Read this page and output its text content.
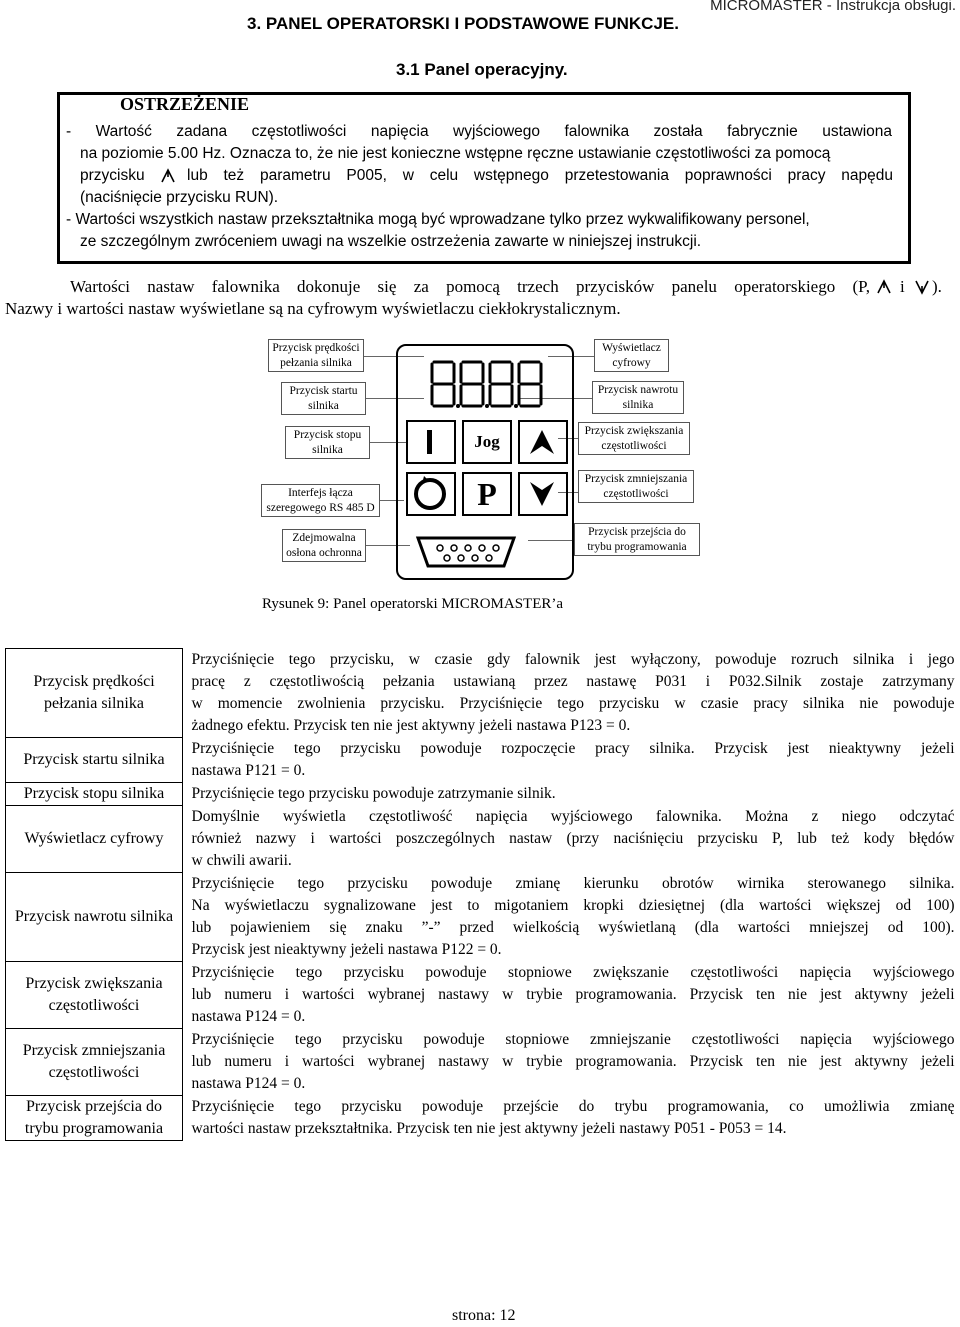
MICROMASTER - Instrukcja obsługi.
3. PANEL OPERATORSKI I PODSTAWOWE FUNKCJE.
3.1 Panel operacyjny.
OSTRZEŻENIE
- Wartość zadana częstotliwości napięcia wyjściowego falownika została fabrycznie ustawiona
na poziomie 5.00 Hz. Oznacza to, że nie jest konieczne wstępne ręczne ustawianie częstotliwości za pomocą
przycisku	lub też parametru P005, w celu wstępnego przetestowania poprawności pracy napędu
(naciśnięcie przycisku RUN).
- Wartości wszystkich nastaw przekształtnika mogą być wprowadzane tylko przez wykwalifikowany personel,
ze szczególnym zwróceniem uwagi na wszelkie ostrzeżenia zawarte w niniejszej instrukcji.
Wartości nastaw falownika dokonuje się za pomocą trzech przycisków panelu operatorskiego (P, i ).
Nazwy i wartości nastaw wyświetlane są na cyfrowym wyświetlaczu ciekłokrystalicznym.
Przycisk prędkości pełzania silnika
Przycisk startu silnika
Przycisk stopu silnika
Interfejs łącza szeregowego RS 485 D
Zdejmowalna osłona ochronna
Wyświetlacz cyfrowy
Przycisk nawrotu silnika
Przycisk zwiększania częstotliwości
Przycisk zmniejszania częstotliwości
Przycisk przejścia do trybu programowania
Jog
P
Rysunek 9: Panel operatorski MICROMASTER’a
Przycisk prędkości pełzania silnika		Przyciśnięcie tego przycisku, w czasie gdy falownik jest wyłączony, powoduje rozruch silnika i jego
pracę z częstotliwością pełzania ustawianą przez nastawę P031 i P032.Silnik zostaje zatrzymany
w momencie zwolnienia przycisku. Przyciśnięcie tego przycisku w czasie pracy silnika nie powoduje
żadnego efektu. Przycisk ten nie jest aktywny jeżeli nastawa P123 = 0.

Przycisk startu silnika		Przyciśnięcie tego przycisku powoduje rozpoczęcie pracy silnika. Przycisk jest nieaktywny jeżeli
nastawa P121 = 0.

Przycisk stopu silnika		Przyciśnięcie tego przycisku powoduje zatrzymanie silnik.

Wyświetlacz cyfrowy		Domyślnie wyświetla częstotliwość napięcia wyjściowego falownika. Można z niego odczytać
również nazwy i wartości poszczególnych nastaw (przy naciśnięciu przycisku P, lub też kody błędów
w chwili awarii.

Przycisk nawrotu silnika		Przyciśnięcie tego przycisku powoduje zmianę kierunku obrotów wirnika sterowanego silnika.
Na wyświetlaczu sygnalizowane jest to migotaniem kropki dziesiętnej (dla wartości większej od 100)
lub pojawieniem się znaku ”-” przed wielkością wyświetlaną (dla wartości mniejszej od 100).
Przycisk jest nieaktywny jeżeli nastawa P122 = 0.

Przycisk zwiększania częstotliwości		Przyciśnięcie tego przycisku powoduje stopniowe zwiększanie częstotliwości napięcia wyjściowego
lub numeru i wartości wybranej nastawy w trybie programowania. Przycisk ten nie jest aktywny jeżeli
nastawa P124 = 0.

Przycisk zmniejszania częstotliwości		Przyciśnięcie tego przycisku powoduje stopniowe zmniejszanie częstotliwości napięcia wyjściowego
lub numeru i wartości wybranej nastawy w trybie programowania. Przycisk ten nie jest aktywny jeżeli
nastawa P124 = 0.

Przycisk przejścia do trybu programowania		Przyciśnięcie tego przycisku powoduje przejście do trybu programowania, co umożliwia zmianę
wartości nastaw przekształtnika. Przycisk ten nie jest aktywny jeżeli nastawy P051 - P053 = 14.
strona: 12
